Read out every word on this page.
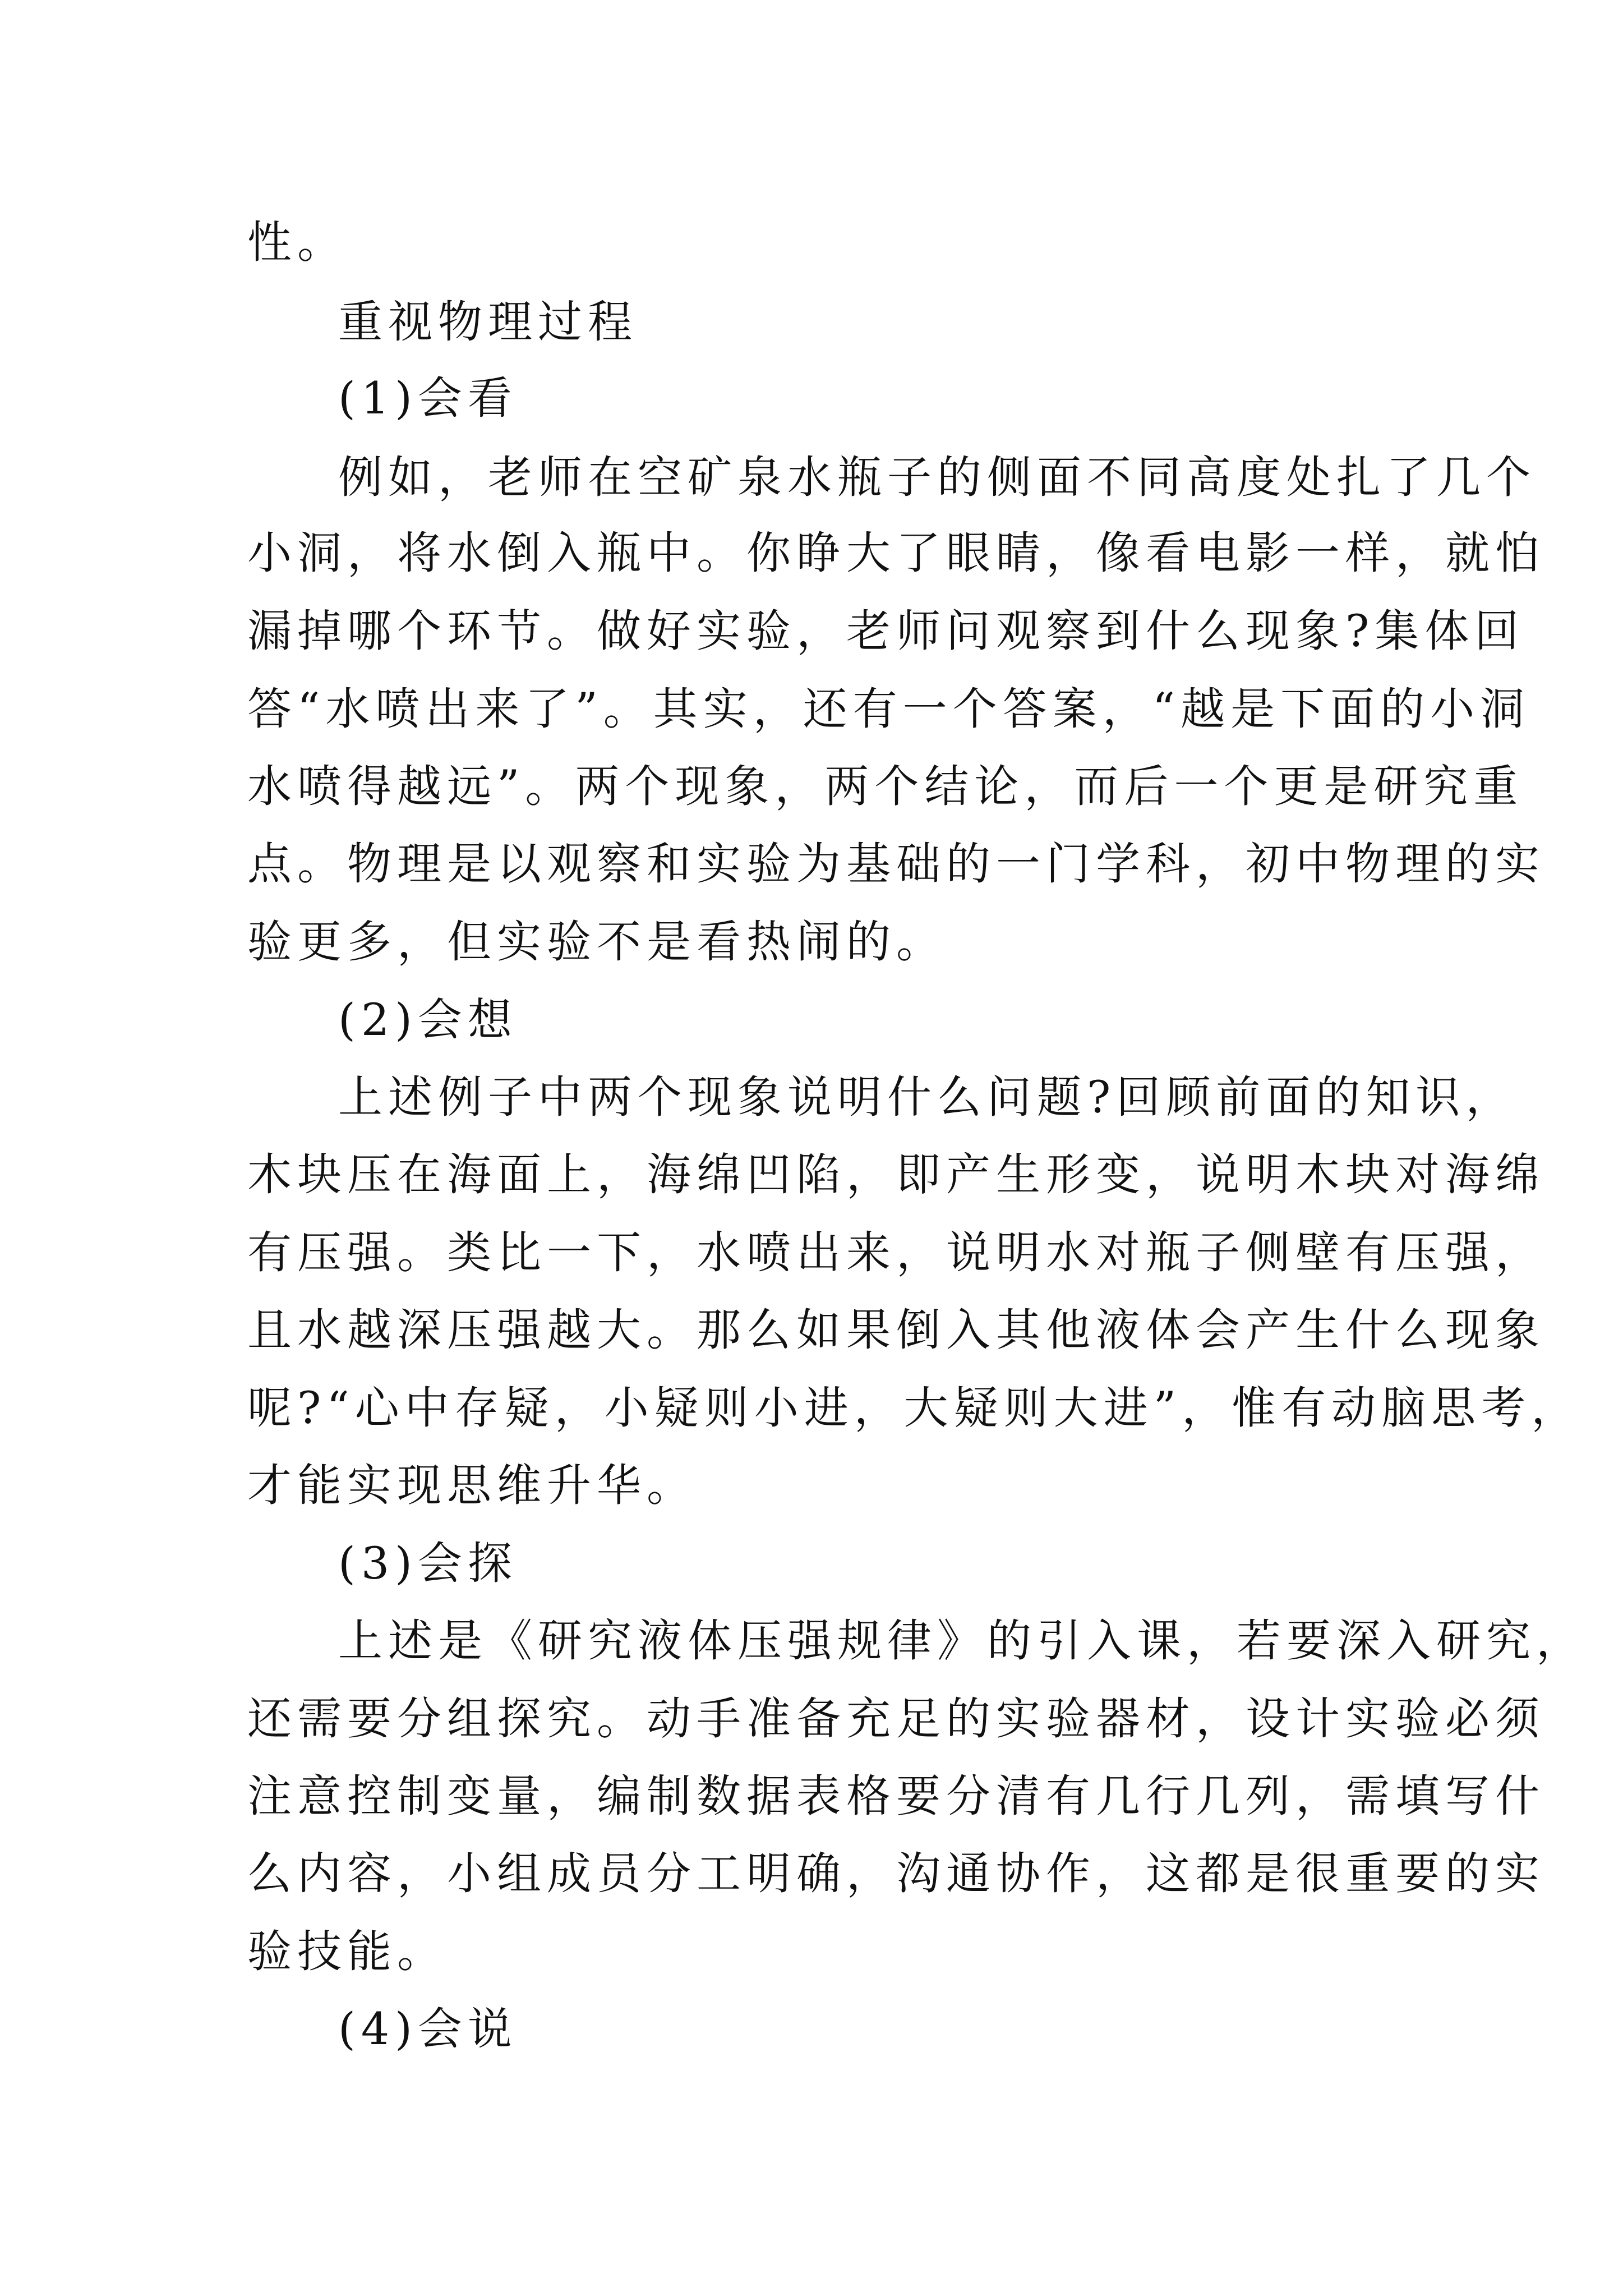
性。

重视物理过程

(1)会看

例如，老师在空矿泉水瓶子的侧面不同高度处扎了几个

小洞，将水倒入瓶中。你睁大了眼睛，像看电影一样，就怕

漏掉哪个环节。做好实验，老师问观察到什么现象?集体回

答“水喷出来了”。其实，还有一个答案，“越是下面的小洞

水喷得越远”。两个现象，两个结论，而后一个更是研究重

点。物理是以观察和实验为基础的一门学科，初中物理的实

验更多，但实验不是看热闹的。

(2)会想

上述例子中两个现象说明什么问题?回顾前面的知识，

木块压在海面上，海绵凹陷，即产生形变，说明木块对海绵

有压强。类比一下，水喷出来，说明水对瓶子侧壁有压强，

且水越深压强越大。那么如果倒入其他液体会产生什么现象

呢?“心中存疑，小疑则小进，大疑则大进”，惟有动脑思考，

才能实现思维升华。

(3)会探

上述是《研究液体压强规律》的引入课，若要深入研究，

还需要分组探究。动手准备充足的实验器材，设计实验必须

注意控制变量，编制数据表格要分清有几行几列，需填写什

么内容，小组成员分工明确，沟通协作，这都是很重要的实

验技能。

(4)会说
